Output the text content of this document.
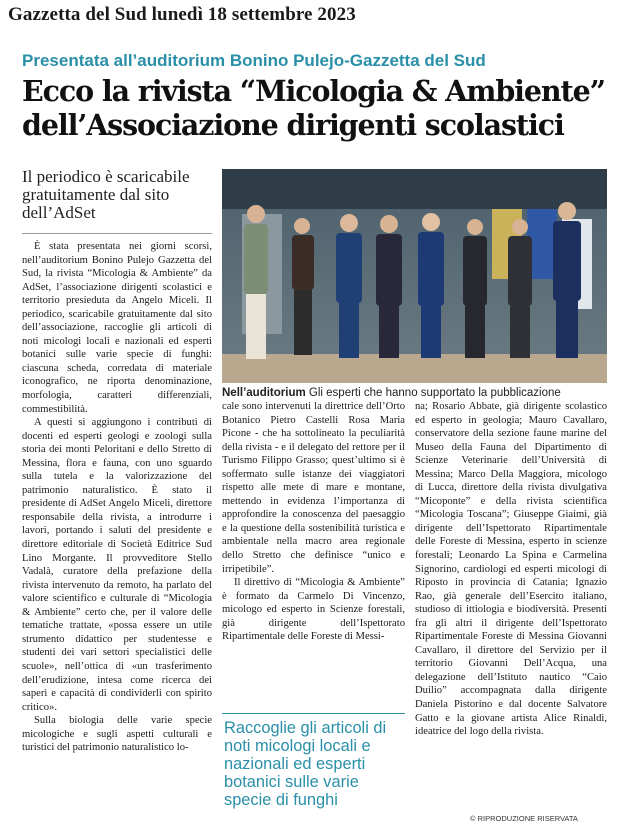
Gazzetta del Sud lunedì 18 settembre 2023
Presentata all’auditorium Bonino Pulejo-Gazzetta del Sud
Ecco la rivista “Micologia & Ambiente” dell’Associazione dirigenti scolastici
Il periodico è scaricabile gratuitamente dal sito dell’AdSet

È stata presentata nei giorni scorsi, nell’auditorium Bonino Pulejo Gazzetta del Sud, la rivista “Micologia & Ambiente” da AdSet, l’associazione dirigenti scolastici e territorio presieduta da Angelo Miceli. Il periodico, scaricabile gratuitamente dal sito dell’associazione, raccoglie gli articoli di noti micologi locali e nazionali ed esperti botanici sulle varie specie di funghi: ciascuna scheda, corredata di materiale iconografico, ne riporta denominazione, morfologia, caratteri differenziali, commestibilità.

A questi si aggiungono i contributi di docenti ed esperti geologi e zoologi sulla storia dei monti Peloritani e dello Stretto di Messina, flora e fauna, con uno sguardo sulla tutela e la valorizzazione del patrimonio naturalistico. È stato il presidente di AdSet Angelo Miceli, direttore responsabile della rivista, a introdurre i lavori, portando i saluti del presidente e direttore editoriale di Società Editrice Sud Lino Morgante. Il provveditore Stello Vadalà, curatore della prefazione della rivista intervenuto da remoto, ha parlato del valore scientifico e culturale di “Micologia & Ambiente” certo che, per il valore delle tematiche trattate, «possa essere un utile strumento didattico per studentesse e studenti dei vari settori specialistici delle scuole», nell’ottica di «un trasferimento dell’erudizione, intesa come ricerca dei saperi e capacità di condividerli con spirito critico».

Sulla biologia delle varie specie micologiche e sugli aspetti culturali e turistici del patrimonio naturalistico lo-

Nell’auditorium Gli esperti che hanno supportato la pubblicazione

cale sono intervenuti la direttrice dell’Orto Botanico Pietro Castelli Rosa Maria Picone - che ha sottolineato la peculiarità della rivista - e il delegato del rettore per il Turismo Filippo Grasso; quest’ultimo si è soffermato sulle istanze dei viaggiatori rispetto alle mete di mare e montane, mettendo in evidenza l’importanza di approfondire la conoscenza del paesaggio e la questione della sostenibilità turistica e ambientale nella macro area regionale dello Stretto che definisce “unico e irripetibile”.

Il direttivo di “Micologia & Ambiente” è formato da Carmelo Di Vincenzo, micologo ed esperto in Scienze forestali, già dirigente dell’Ispettorato Ripartimentale delle Foreste di Messi-

Raccoglie gli articoli di noti micologi locali e nazionali ed esperti botanici sulle varie specie di funghi

na; Rosario Abbate, già dirigente scolastico ed esperto in geologia; Mauro Cavallaro, conservatore della sezione faune marine del Museo della Fauna del Dipartimento di Scienze Veterinarie dell’Università di Messina; Marco Della Maggiora, micologo di Lucca, direttore della rivista divulgativa “Micoponte” e della rivista scientifica “Micologia Toscana”; Giuseppe Giaimi, già dirigente dell’Ispettorato Ripartimentale delle Foreste di Messina, esperto in scienze forestali; Leonardo La Spina e Carmelina Signorino, cardiologi ed esperti micologi di Riposto in provincia di Catania; Ignazio Rao, già generale dell’Esercito italiano, studioso di ittiologia e biodiversità. Presenti fra gli altri il dirigente dell’Ispettorato Ripartimentale Foreste di Messina Giovanni Cavallaro, il direttore del Servizio per il territorio Giovanni Dell’Acqua, una delegazione dell’Istituto nautico “Caio Duilio” accompagnata dalla dirigente Daniela Pistorino e dal docente Salvatore Gatto e la giovane artista Alice Rinaldi, ideatrice del logo della rivista.

© RIPRODUZIONE RISERVATA
